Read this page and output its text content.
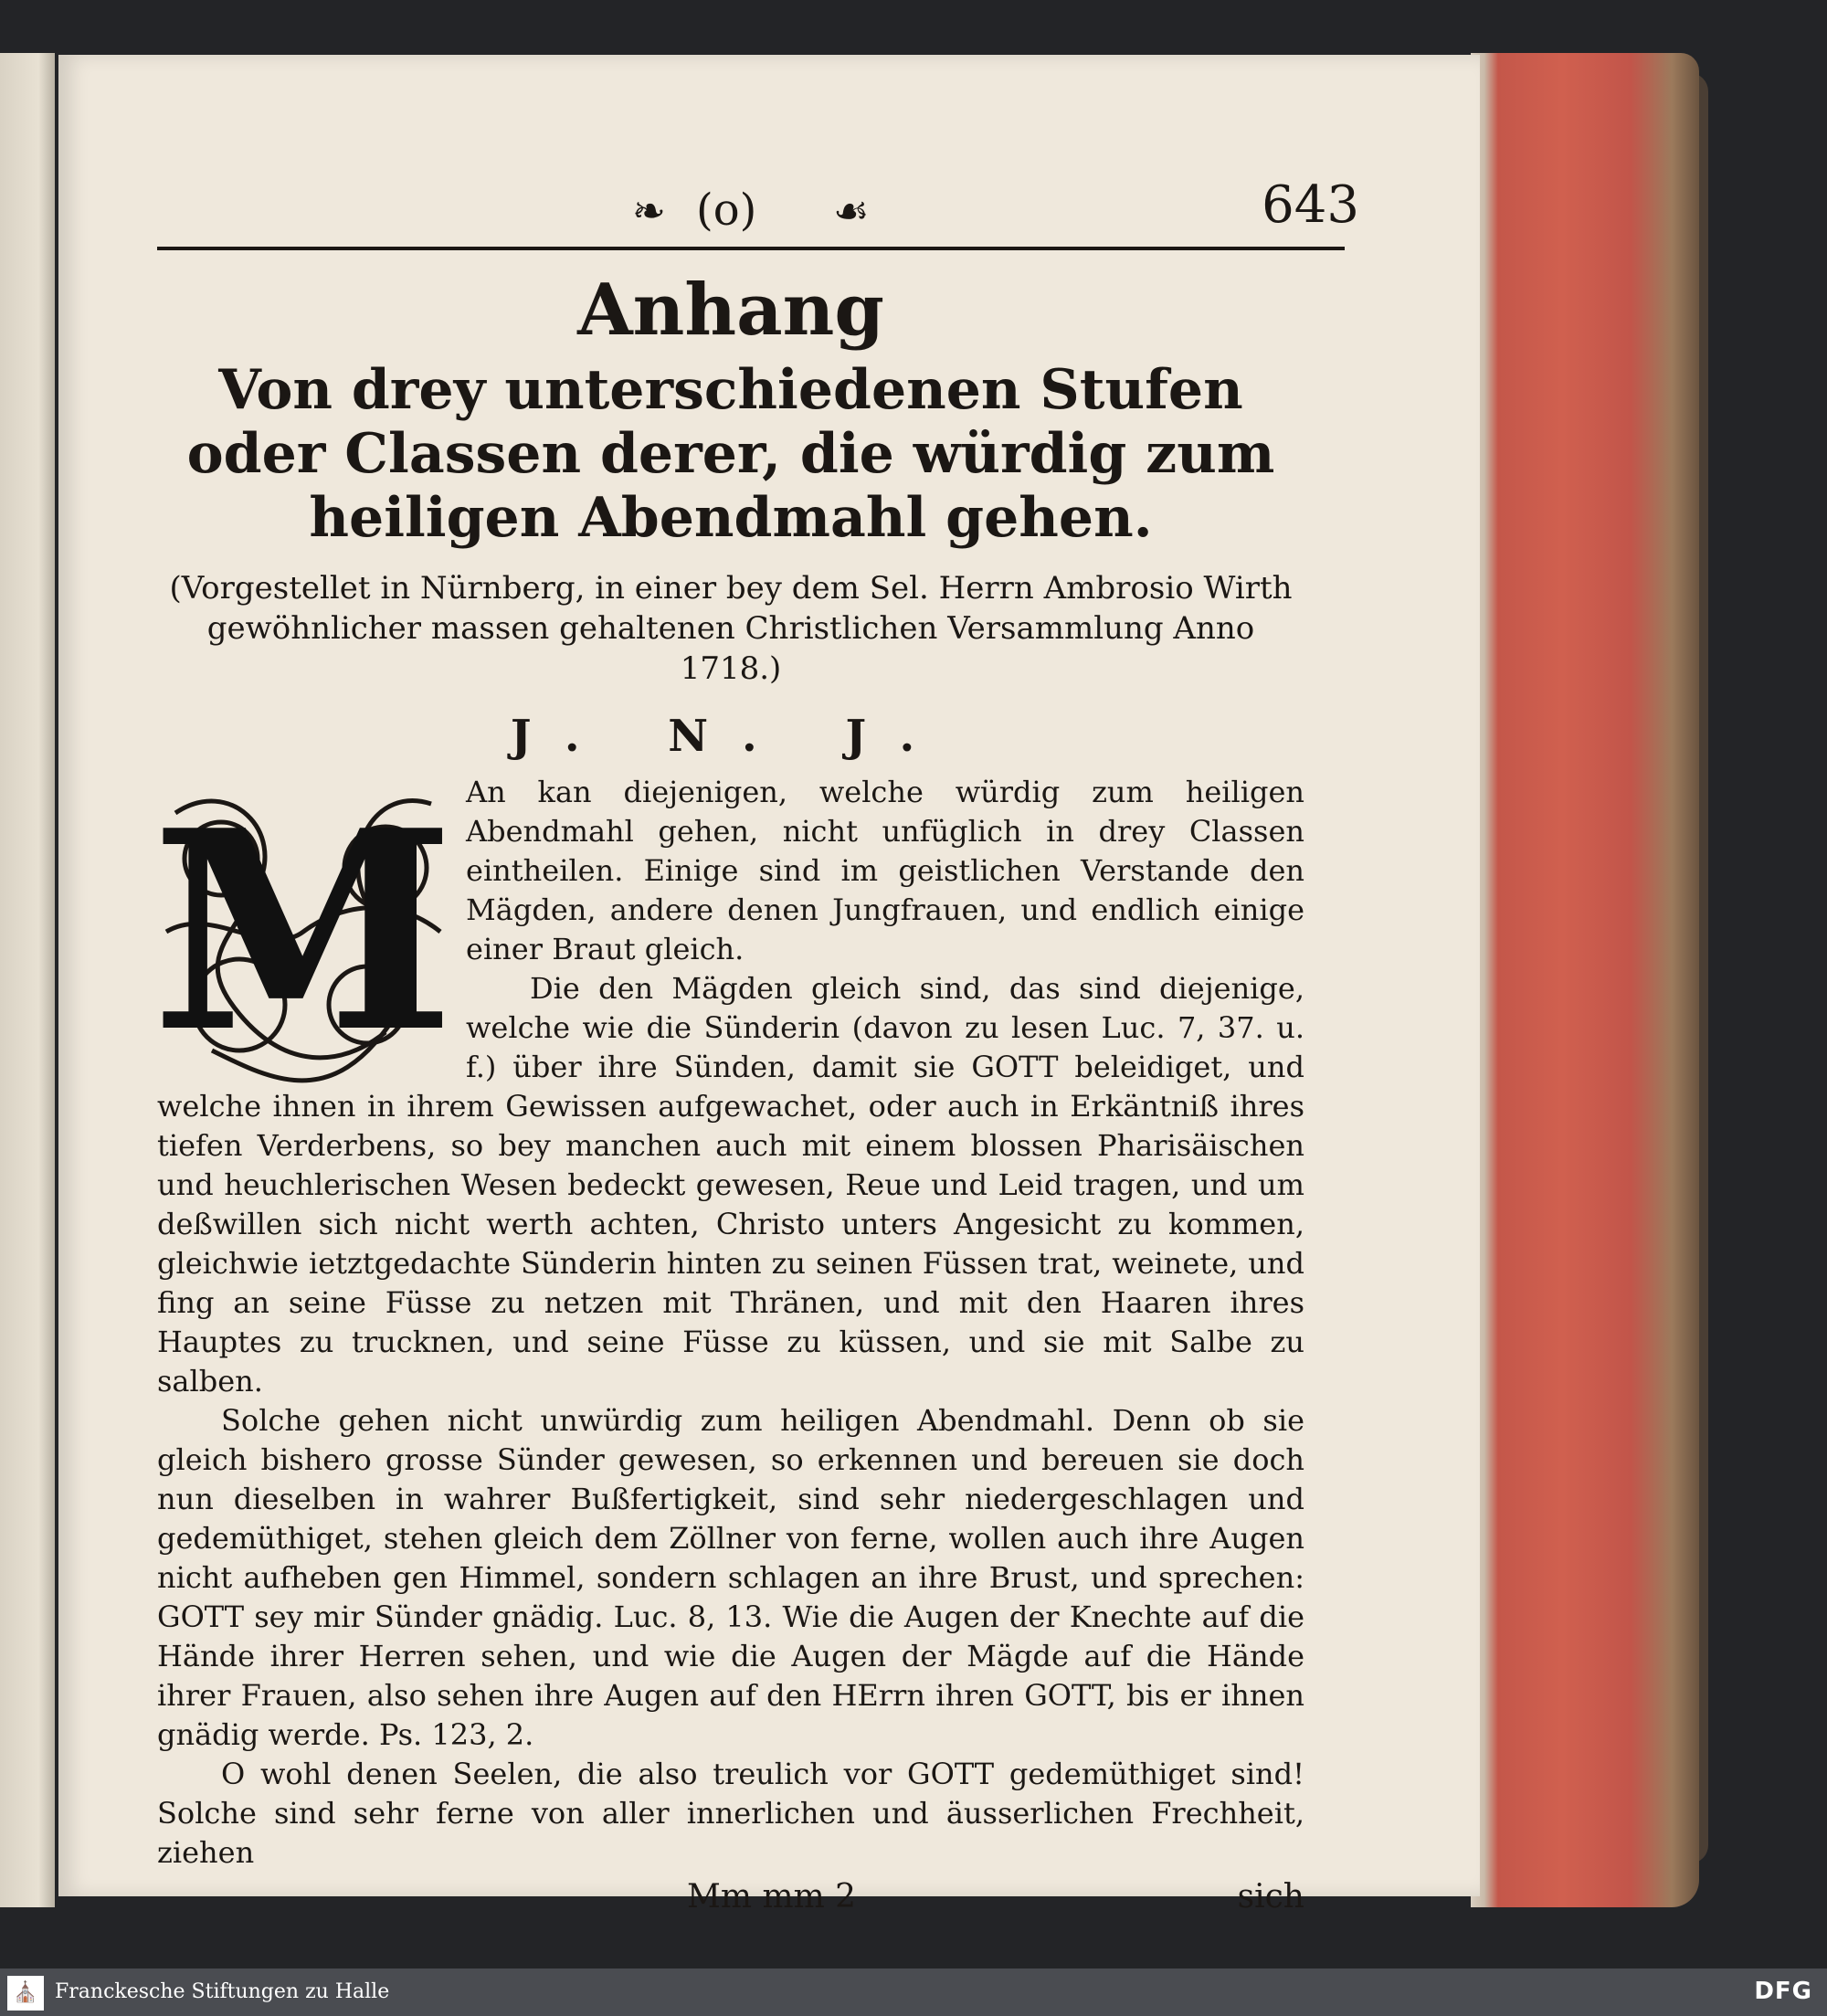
❧ (o) ☙	643
Anhang
Von drey unterschiedenen Stufen oder Classen derer, die würdig zum heiligen Abendmahl gehen.
(Vorgestellet in Nürnberg, in einer bey dem Sel. Herrn Ambrosio Wirth gewöhnlicher massen gehaltenen Christlichen Versammlung Anno 1718.)
J. N. J.
M An kan diejenigen, welche würdig zum heiligen Abendmahl gehen, nicht unfüglich in drey Classen eintheilen. Einige sind im geistlichen Verstande den Mägden, andere denen Jungfrauen, und endlich einige einer Braut gleich.

Die den Mägden gleich sind, das sind diejenige, welche wie die Sünderin (davon zu lesen Luc. 7, 37. u. f.) über ihre Sünden, damit sie GOTT beleidiget, und welche ihnen in ihrem Gewissen aufgewachet, oder auch in Erkäntniß ihres tiefen Verderbens, so bey manchen auch mit einem blossen Pharisäischen und heuchlerischen Wesen bedeckt gewesen, Reue und Leid tragen, und um deßwillen sich nicht werth achten, Christo unters Angesicht zu kommen, gleichwie ietztgedachte Sünderin hinten zu seinen Füssen trat, weinete, und fing an seine Füsse zu netzen mit Thränen, und mit den Haaren ihres Hauptes zu trucknen, und seine Füsse zu küssen, und sie mit Salbe zu salben.

Solche gehen nicht unwürdig zum heiligen Abendmahl. Denn ob sie gleich bishero grosse Sünder gewesen, so erkennen und bereuen sie doch nun dieselben in wahrer Bußfertigkeit, sind sehr niedergeschlagen und gedemüthiget, stehen gleich dem Zöllner von ferne, wollen auch ihre Augen nicht aufheben gen Himmel, sondern schlagen an ihre Brust, und sprechen: GOTT sey mir Sünder gnädig. Luc. 8, 13. Wie die Augen der Knechte auf die Hände ihrer Herren sehen, und wie die Augen der Mägde auf die Hände ihrer Frauen, also sehen ihre Augen auf den HErrn ihren GOTT, bis er ihnen gnädig werde. Ps. 123, 2.

O wohl denen Seelen, die also treulich vor GOTT gedemüthiget sind! Solche sind sehr ferne von aller innerlichen und äusserlichen Frechheit, ziehen

Mm mm 2	sich
⛪ Franckesche Stiftungen zu Halle	DFG
